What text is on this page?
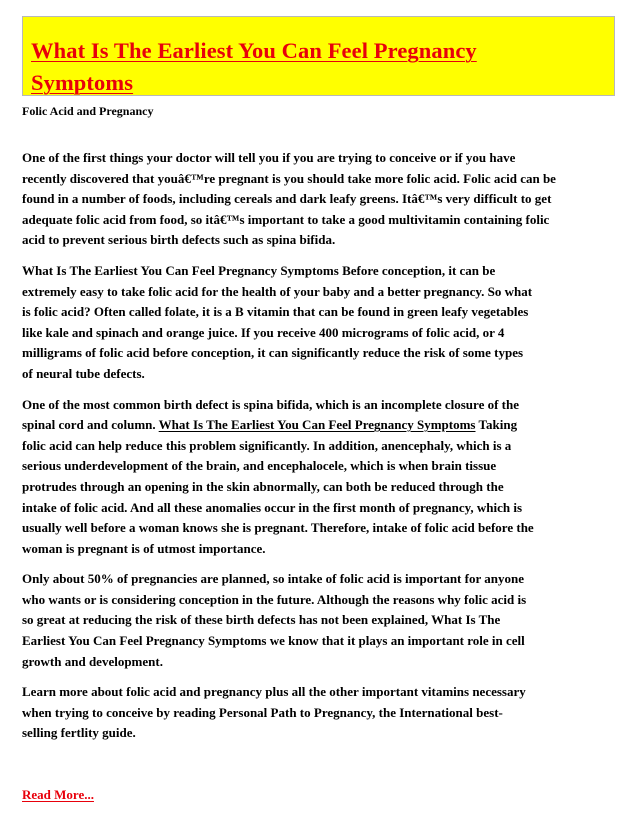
What Is The Earliest You Can Feel Pregnancy
Symptoms

Folic Acid and Pregnancy

One of the first things your doctor will tell you if you are trying to conceive or if you have
recently discovered that youâ€™re pregnant is you should take more folic acid. Folic acid can be
found in a number of foods, including cereals and dark leafy greens. Itâ€™s very difficult to get
adequate folic acid from food, so itâ€™s important to take a good multivitamin containing folic
acid to prevent serious birth defects such as spina bifida.

What Is The Earliest You Can Feel Pregnancy Symptoms Before conception, it can be
extremely easy to take folic acid for the health of your baby and a better pregnancy. So what
is folic acid? Often called folate, it is a B vitamin that can be found in green leafy vegetables
like kale and spinach and orange juice. If you receive 400 micrograms of folic acid, or 4
milligrams of folic acid before conception, it can significantly reduce the risk of some types
of neural tube defects.

One of the most common birth defect is spina bifida, which is an incomplete closure of the
spinal cord and column. What Is The Earliest You Can Feel Pregnancy Symptoms Taking
folic acid can help reduce this problem significantly. In addition, anencephaly, which is a
serious underdevelopment of the brain, and encephalocele, which is when brain tissue
protrudes through an opening in the skin abnormally, can both be reduced through the
intake of folic acid. And all these anomalies occur in the first month of pregnancy, which is
usually well before a woman knows she is pregnant. Therefore, intake of folic acid before the
woman is pregnant is of utmost importance.

Only about 50% of pregnancies are planned, so intake of folic acid is important for anyone
who wants or is considering conception in the future. Although the reasons why folic acid is
so great at reducing the risk of these birth defects has not been explained, What Is The
Earliest You Can Feel Pregnancy Symptoms we know that it plays an important role in cell
growth and development.

Learn more about folic acid and pregnancy plus all the other important vitamins necessary
when trying to conceive by reading Personal Path to Pregnancy, the International best-
selling fertlity guide.

Read More...
